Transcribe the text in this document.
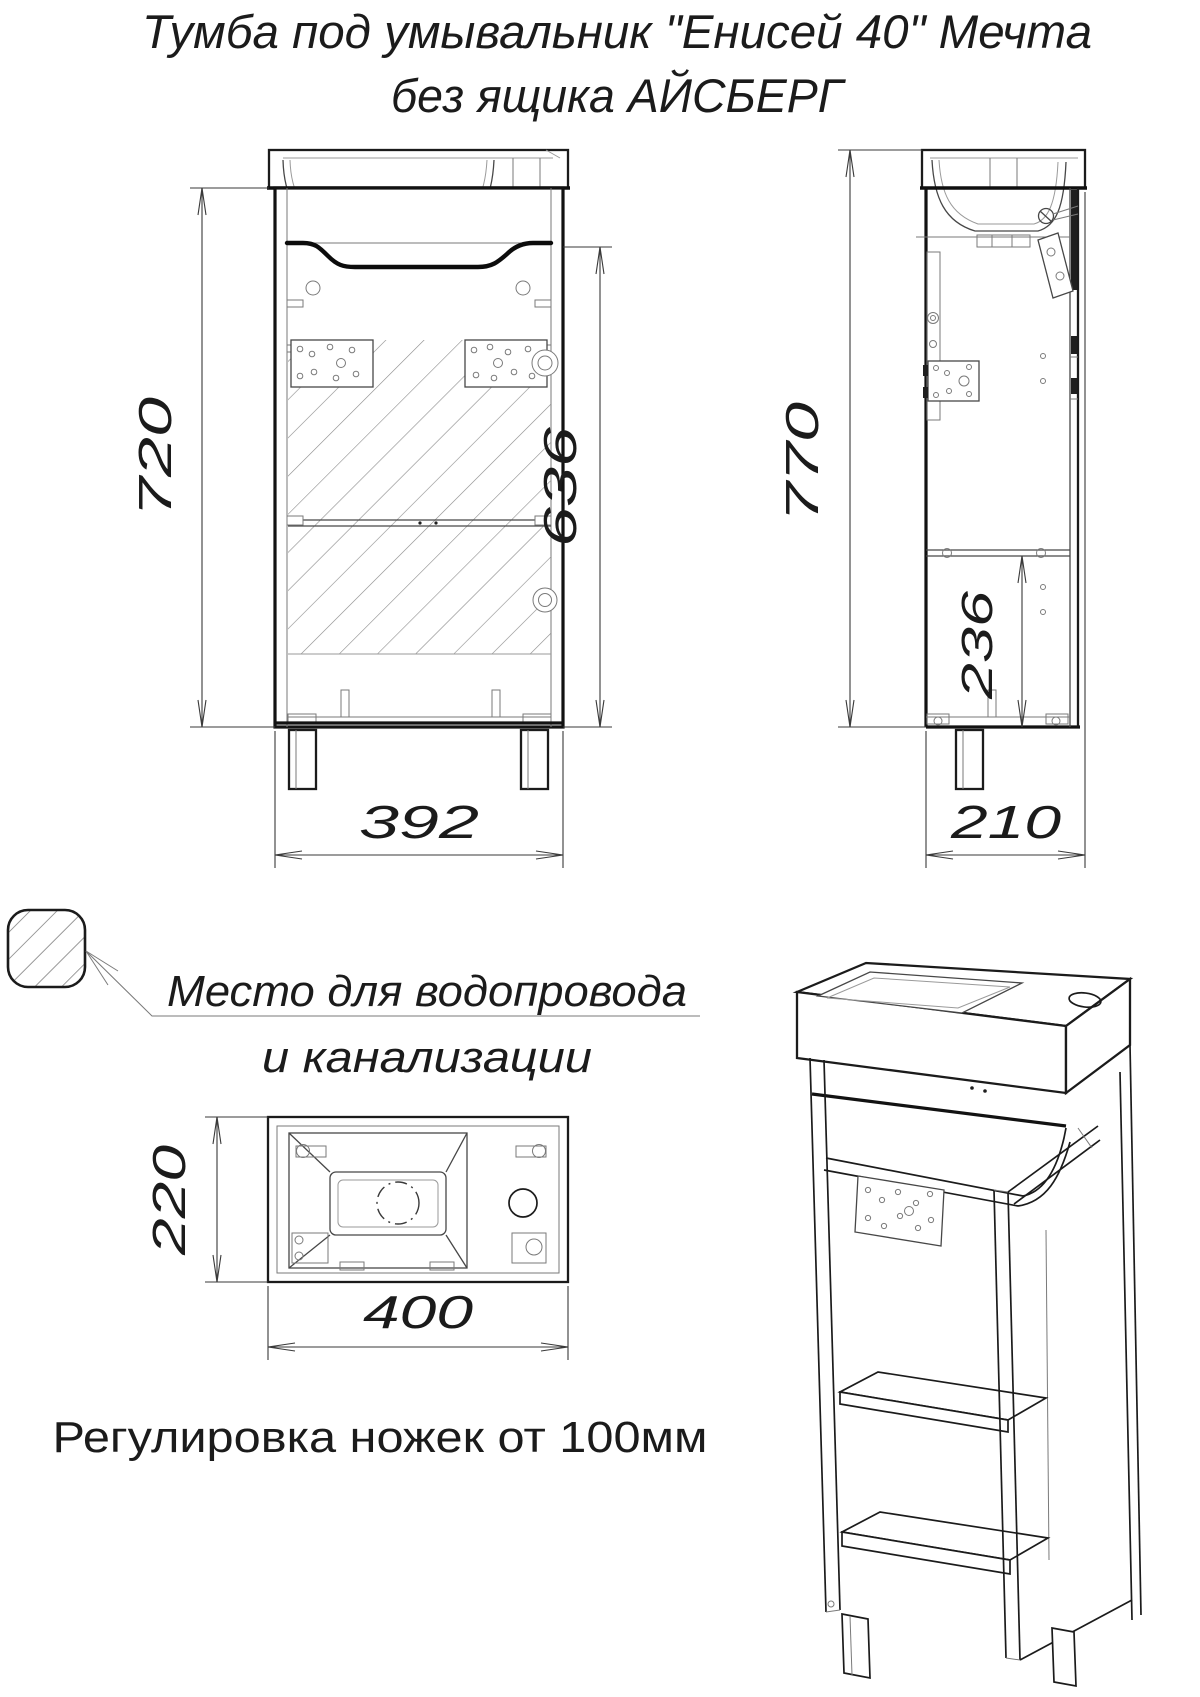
Тумба под умывальник "Енисей 40" Мечта
без ящика АЙСБЕРГ
720	636
392
770
236
210
Место для водопровода
и канализации
220
400
Регулировка ножек от 100мм
